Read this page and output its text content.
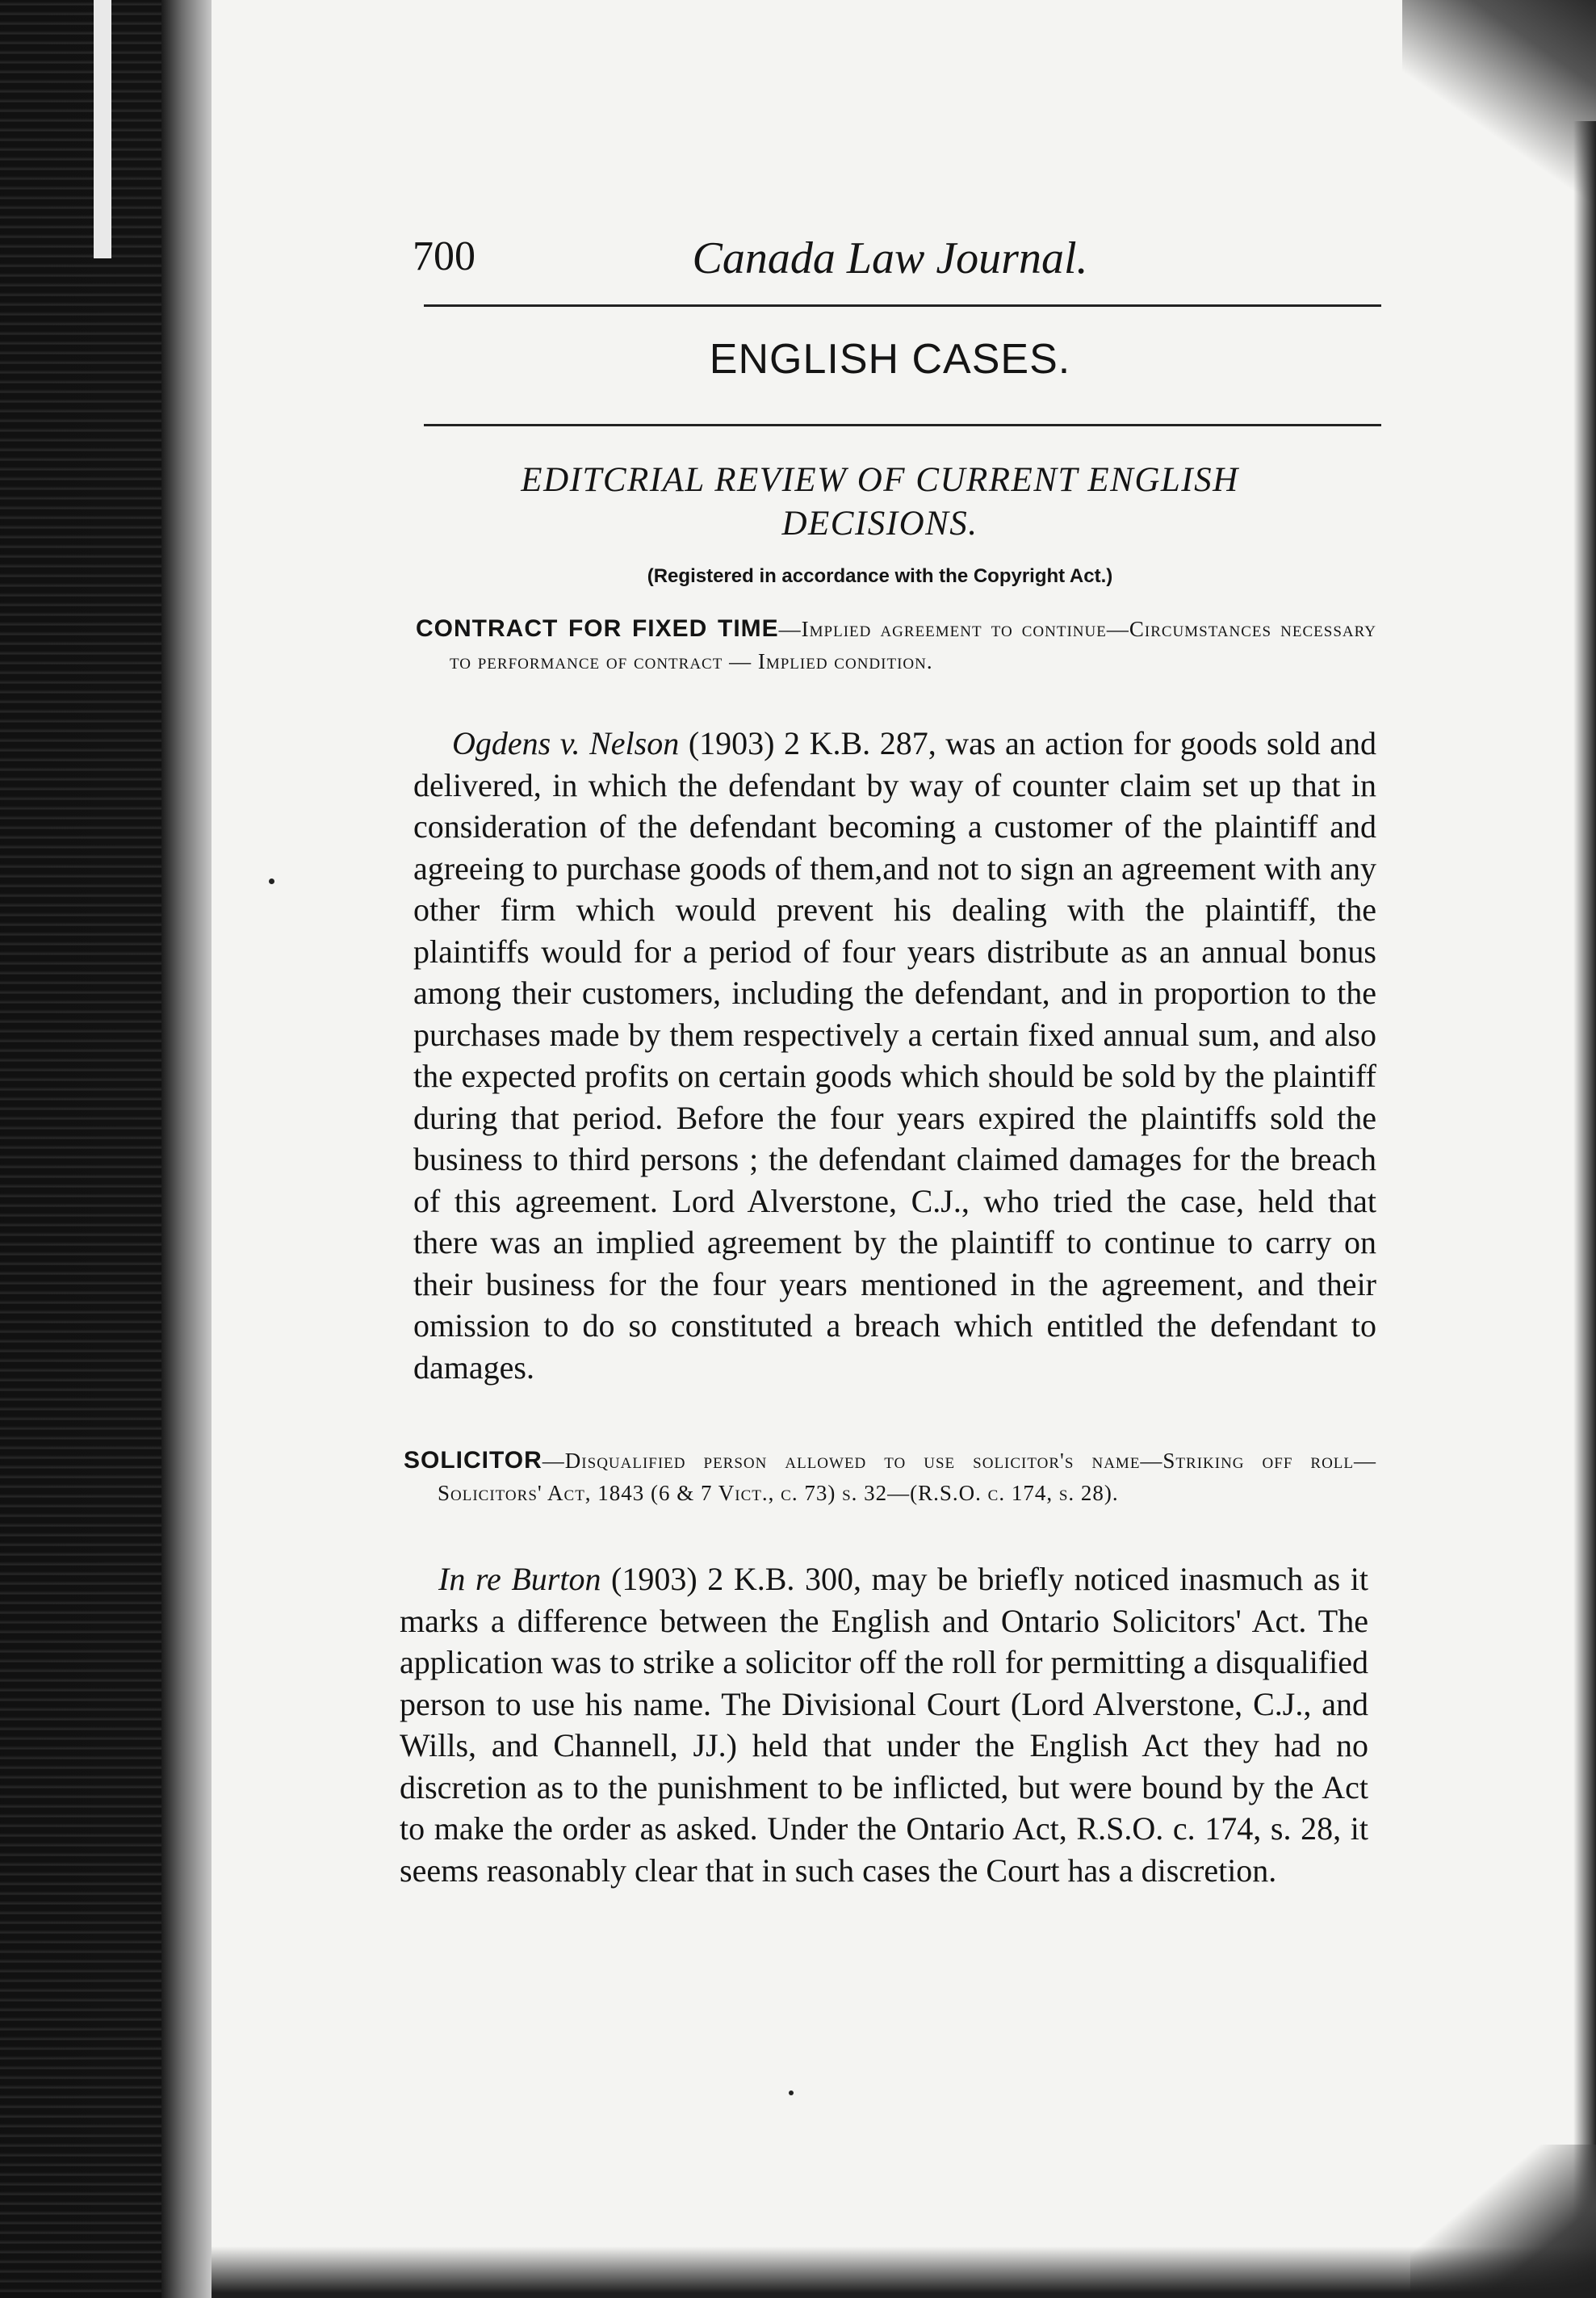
700	Canada Law Journal.
ENGLISH CASES.
EDITCRIAL REVIEW OF CURRENT ENGLISH DECISIONS.
(Registered in accordance with the Copyright Act.)
CONTRACT FOR FIXED TIME—Implied agreement to continue—Circumstances necessary to performance of contract — Implied condition.
Ogdens v. Nelson (1903) 2 K.B. 287, was an action for goods sold and delivered, in which the defendant by way of counter claim set up that in consideration of the defendant becoming a customer of the plaintiff and agreeing to purchase goods of them,and not to sign an agreement with any other firm which would prevent his dealing with the plaintiff, the plaintiffs would for a period of four years distribute as an annual bonus among their customers, including the defendant, and in proportion to the purchases made by them respectively a certain fixed annual sum, and also the expected profits on certain goods which should be sold by the plaintiff during that period. Before the four years expired the plaintiffs sold the business to third persons ; the defendant claimed damages for the breach of this agreement. Lord Alverstone, C.J., who tried the case, held that there was an implied agreement by the plaintiff to continue to carry on their business for the four years mentioned in the agreement, and their omission to do so constituted a breach which entitled the defendant to damages.
SOLICITOR—Disqualified person allowed to use solicitor's name—Striking off roll—Solicitors' Act, 1843 (6 & 7 Vict., c. 73) s. 32—(R.S.O. c. 174, s. 28).
In re Burton (1903) 2 K.B. 300, may be briefly noticed inasmuch as it marks a difference between the English and Ontario Solicitors' Act. The application was to strike a solicitor off the roll for permitting a disqualified person to use his name. The Divisional Court (Lord Alverstone, C.J., and Wills, and Channell, JJ.) held that under the English Act they had no discretion as to the punishment to be inflicted, but were bound by the Act to make the order as asked. Under the Ontario Act, R.S.O. c. 174, s. 28, it seems reasonably clear that in such cases the Court has a discretion.
